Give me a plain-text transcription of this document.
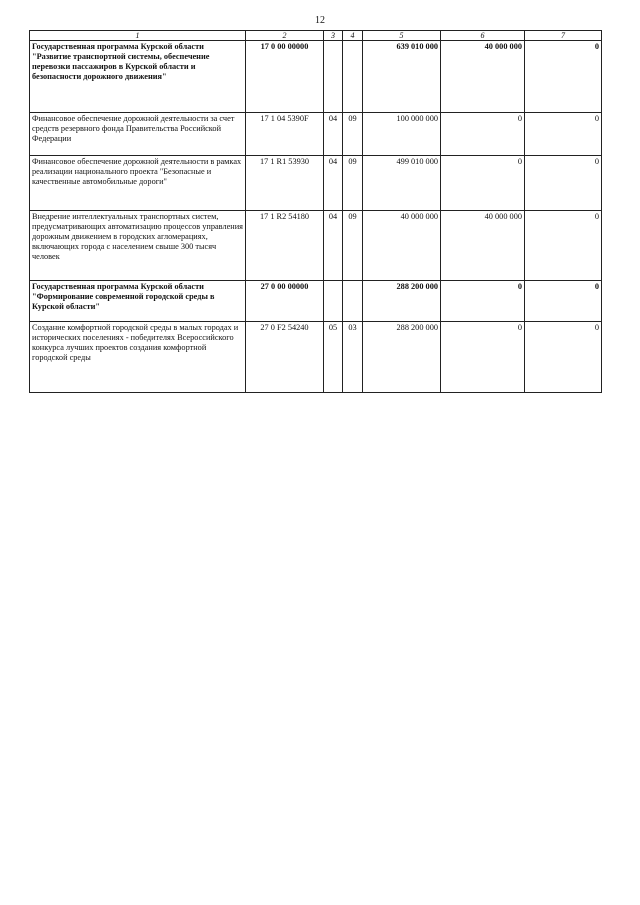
12
1	2	3	4	5	6	7
Государственная программа Курской области "Развитие транспортной системы, обеспечение перевозки пассажиров в Курской области и безопасности дорожного движения"	17 0 00 00000			639 010 000	40 000 000	0
Финансовое обеспечение дорожной деятельности за счет средств резервного фонда Правительства Российской Федерации	17 1 04 5390F	04	09	100 000 000	0	0
Финансовое обеспечение дорожной деятельности в рамках реализации национального проекта "Безопасные и качественные автомобильные дороги"	17 1 R1 53930	04	09	499 010 000	0	0
Внедрение интеллектуальных транспортных систем, предусматривающих автоматизацию процессов управления дорожным движением в городских агломерациях, включающих города с населением свыше 300 тысяч человек	17 1 R2 54180	04	09	40 000 000	40 000 000	0
Государственная программа Курской области "Формирование современной городской среды в Курской области"	27 0 00 00000			288 200 000	0	0
Создание комфортной городской среды в малых городах и исторических поселениях - победителях Всероссийского конкурса лучших проектов создания комфортной городской среды	27 0 F2 54240	05	03	288 200 000	0	0
